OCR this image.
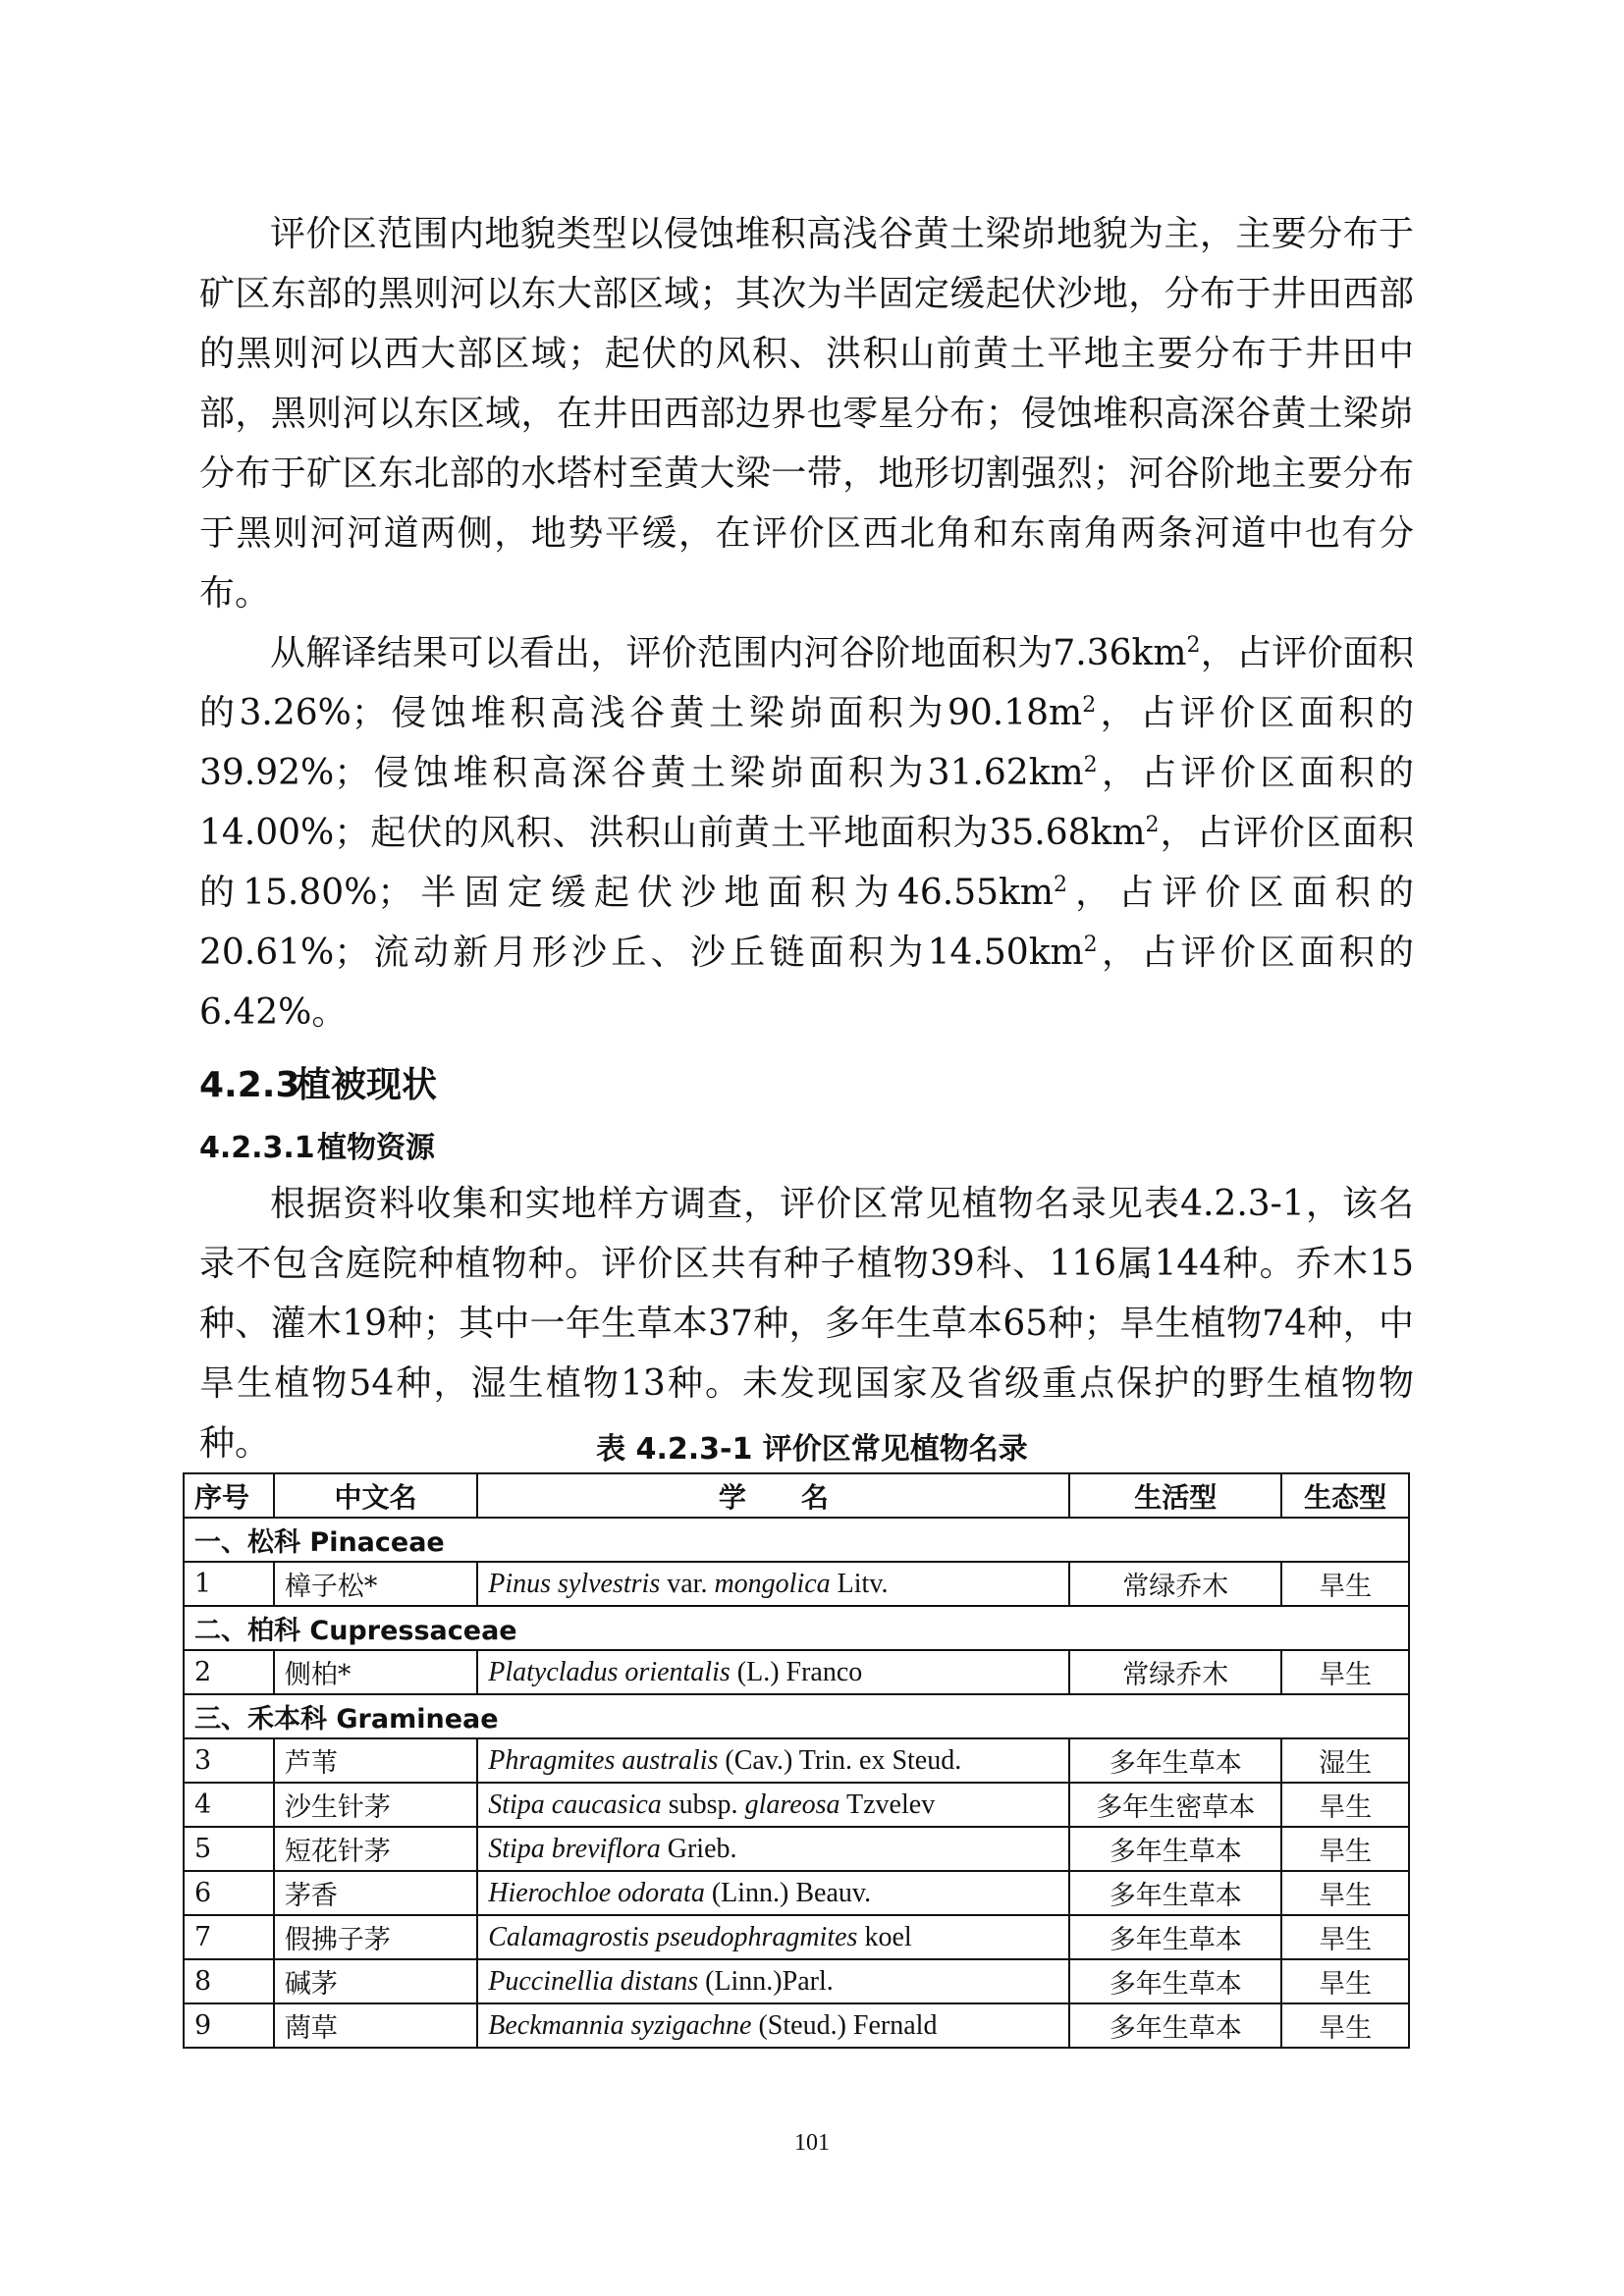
评价区范围内地貌类型以侵蚀堆积高浅谷黄土梁峁地貌为主，主要分布于矿区东部的黑则河以东大部区域；其次为半固定缓起伏沙地，分布于井田西部的黑则河以西大部区域；起伏的风积、洪积山前黄土平地主要分布于井田中部，黑则河以东区域，在井田西部边界也零星分布；侵蚀堆积高深谷黄土梁峁分布于矿区东北部的水塔村至黄大梁一带，地形切割强烈；河谷阶地主要分布于黑则河河道两侧，地势平缓，在评价区西北角和东南角两条河道中也有分布。

从解译结果可以看出，评价范围内河谷阶地面积为$7.36km^2$，占评价面积的3.26%；侵蚀堆积高浅谷黄土梁峁面积为$90.18m^2$，占评价区面积的39.92%；侵蚀堆积高深谷黄土梁峁面积为$31.62km^2$，占评价区面积的14.00%；起伏的风积、洪积山前黄土平地面积为$35.68km^2$，占评价区面积的15.80%；半固定缓起伏沙地面积为$46.55km^2$，占评价区面积的20.61%；流动新月形沙丘、沙丘链面积为$14.50km^2$，占评价区面积的6.42%。

4.2.3植被现状
4.2.3.1植物资源

根据资料收集和实地样方调查，评价区常见植物名录见表4.2.3-1，该名录不包含庭院种植物种。评价区共有种子植物39科、116属144种。乔木15种、灌木19种；其中一年生草本37种，多年生草本65种；旱生植物74种，中旱生植物54种，湿生植物13种。未发现国家及省级重点保护的野生植物物种。	表 4.2.3-1 评价区常见植物名录

序号	中文名	学　　名	生活型	生态型
一、松科 Pinaceae				
1	樟子松*	Pinus sylvestris var. mongolica Litv.	常绿乔木	旱生
二、柏科 Cupressaceae				
2	侧柏*	Platycladus orientalis (L.) Franco	常绿乔木	旱生
三、禾本科 Gramineae				
3	芦苇	Phragmites australis (Cav.) Trin. ex Steud.	多年生草本	湿生
4	沙生针茅	Stipa caucasica subsp. glareosa Tzvelev	多年生密草本	旱生
5	短花针茅	Stipa breviflora Grieb.	多年生草本	旱生
6	茅香	Hierochloe odorata (Linn.) Beauv.	多年生草本	旱生
7	假拂子茅	Calamagrostis pseudophragmites koel	多年生草本	旱生
8	碱茅	Puccinellia distans (Linn.)Parl.	多年生草本	旱生
9	菵草	Beckmannia syzigachne (Steud.) Fernald	多年生草本	旱生
101
